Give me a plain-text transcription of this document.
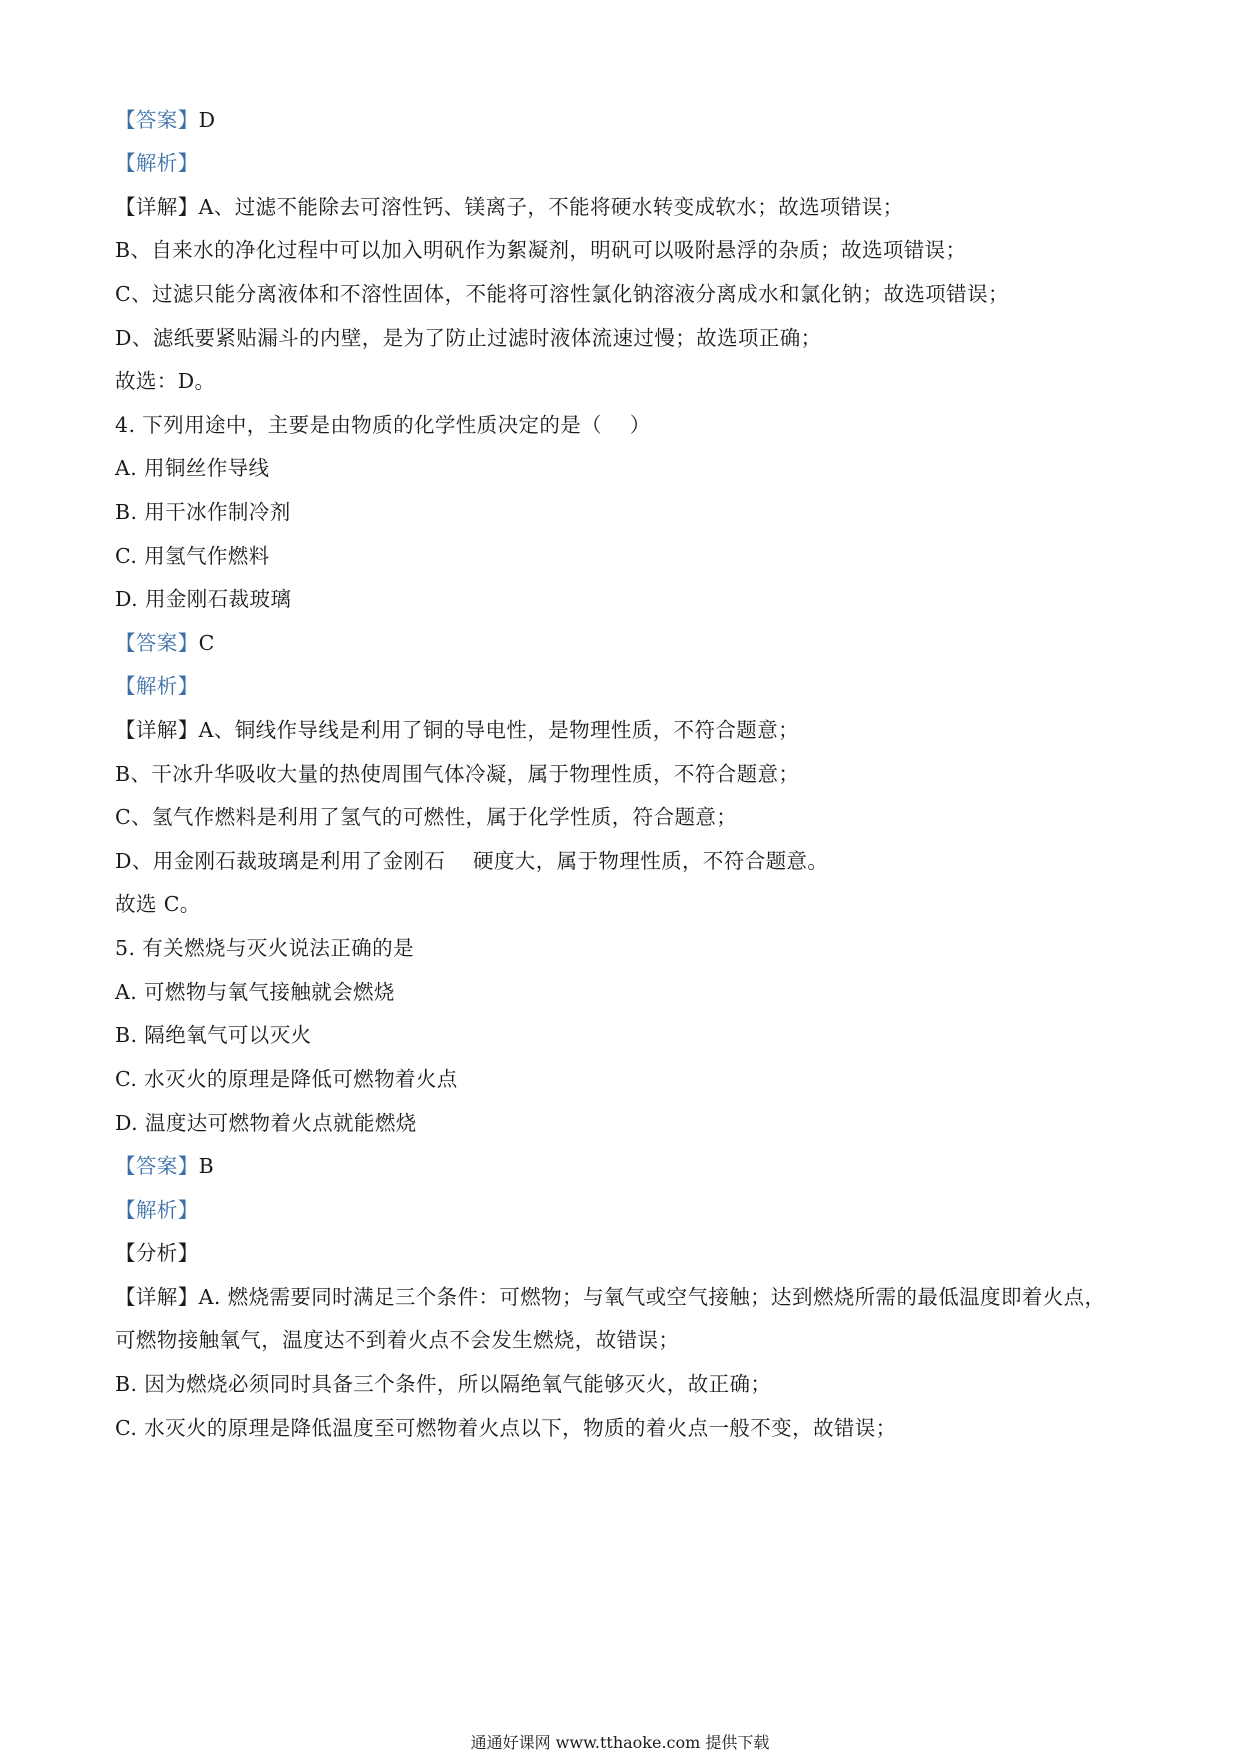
【答案】D
【解析】
【详解】A、过滤不能除去可溶性钙、镁离子，不能将硬水转变成软水；故选项错误；
B、自来水的净化过程中可以加入明矾作为絮凝剂，明矾可以吸附悬浮的杂质；故选项错误；
C、过滤只能分离液体和不溶性固体，不能将可溶性氯化钠溶液分离成水和氯化钠；故选项错误；
D、滤纸要紧贴漏斗的内壁，是为了防止过滤时液体流速过慢；故选项正确；
故选：D。
4. 下列用途中，主要是由物质的化学性质决定的是（    ）
A. 用铜丝作导线
B. 用干冰作制冷剂
C. 用氢气作燃料
D. 用金刚石裁玻璃
【答案】C
【解析】
【详解】A、铜线作导线是利用了铜的导电性，是物理性质，不符合题意；
B、干冰升华吸收大量的热使周围气体冷凝，属于物理性质，不符合题意；
C、氢气作燃料是利用了氢气的可燃性，属于化学性质，符合题意；
D、用金刚石裁玻璃是利用了金刚石    硬度大，属于物理性质，不符合题意。
故选 C。
5. 有关燃烧与灭火说法正确的是
A. 可燃物与氧气接触就会燃烧
B. 隔绝氧气可以灭火
C. 水灭火的原理是降低可燃物着火点
D. 温度达可燃物着火点就能燃烧
【答案】B
【解析】
【分析】
【详解】A. 燃烧需要同时满足三个条件：可燃物；与氧气或空气接触；达到燃烧所需的最低温度即着火点，
可燃物接触氧气，温度达不到着火点不会发生燃烧，故错误；
B. 因为燃烧必须同时具备三个条件，所以隔绝氧气能够灭火，故正确；
C. 水灭火的原理是降低温度至可燃物着火点以下，物质的着火点一般不变，故错误；
通通好课网 www.tthaoke.com 提供下载
